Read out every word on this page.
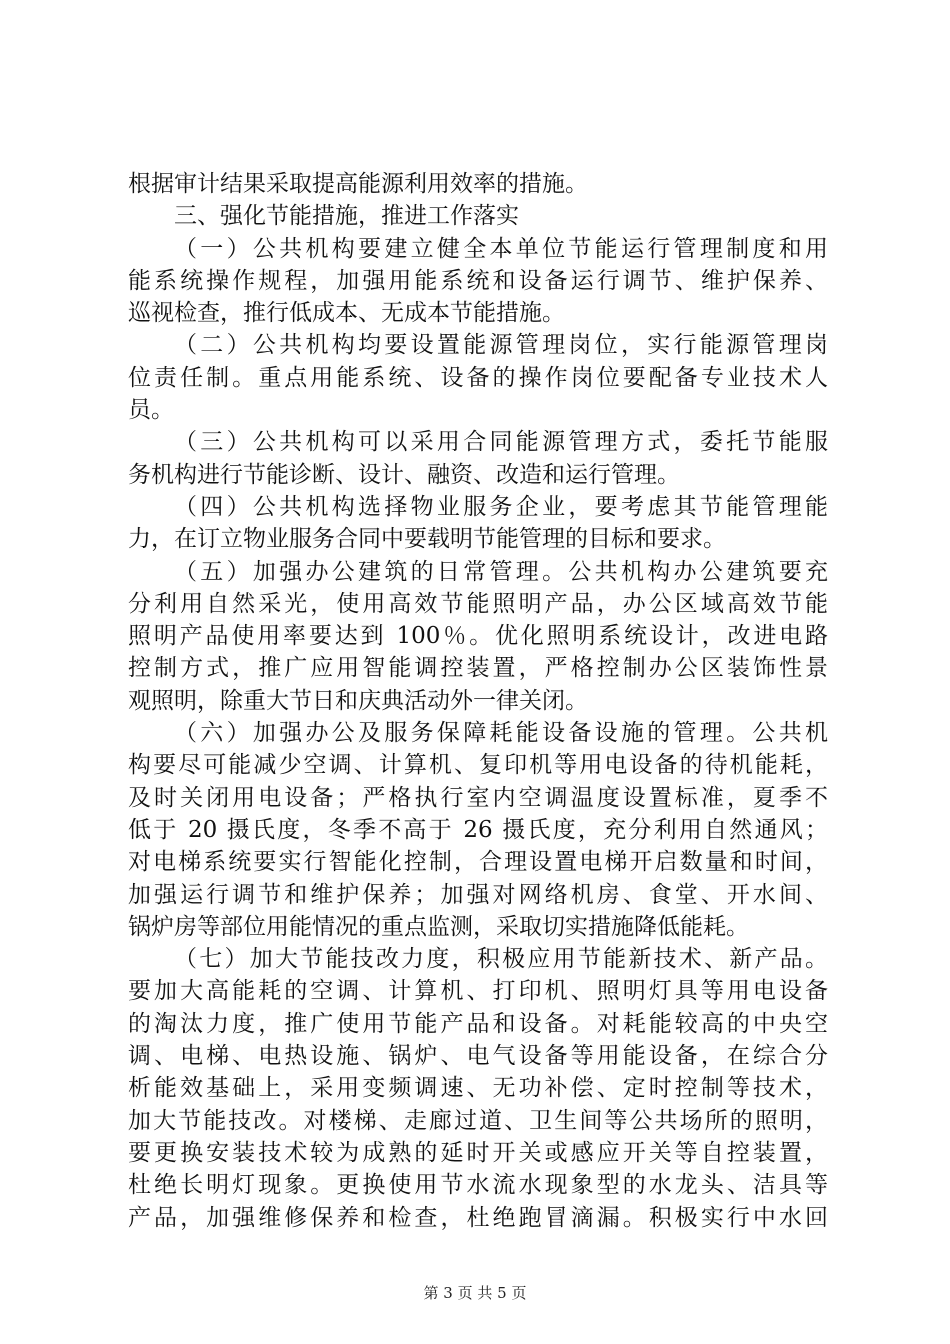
根据审计结果采取提高能源利用效率的措施。
三、强化节能措施，推进工作落实
（一）公共机构要建立健全本单位节能运行管理制度和用
能系统操作规程，加强用能系统和设备运行调节、维护保养、
巡视检查，推行低成本、无成本节能措施。
（二）公共机构均要设置能源管理岗位，实行能源管理岗
位责任制。重点用能系统、设备的操作岗位要配备专业技术人
员。
（三）公共机构可以采用合同能源管理方式，委托节能服
务机构进行节能诊断、设计、融资、改造和运行管理。
（四）公共机构选择物业服务企业，要考虑其节能管理能
力，在订立物业服务合同中要载明节能管理的目标和要求。
（五）加强办公建筑的日常管理。公共机构办公建筑要充
分利用自然采光，使用高效节能照明产品，办公区域高效节能
照明产品使用率要达到 100％。优化照明系统设计，改进电路
控制方式，推广应用智能调控装置，严格控制办公区装饰性景
观照明，除重大节日和庆典活动外一律关闭。
（六）加强办公及服务保障耗能设备设施的管理。公共机
构要尽可能减少空调、计算机、复印机等用电设备的待机能耗，
及时关闭用电设备；严格执行室内空调温度设置标准，夏季不
低于 20 摄氏度，冬季不高于 26 摄氏度，充分利用自然通风；
对电梯系统要实行智能化控制，合理设置电梯开启数量和时间，
加强运行调节和维护保养；加强对网络机房、食堂、开水间、
锅炉房等部位用能情况的重点监测，采取切实措施降低能耗。
（七）加大节能技改力度，积极应用节能新技术、新产品。
要加大高能耗的空调、计算机、打印机、照明灯具等用电设备
的淘汰力度，推广使用节能产品和设备。对耗能较高的中央空
调、电梯、电热设施、锅炉、电气设备等用能设备，在综合分
析能效基础上，采用变频调速、无功补偿、定时控制等技术，
加大节能技改。对楼梯、走廊过道、卫生间等公共场所的照明，
要更换安装技术较为成熟的延时开关或感应开关等自控装置，
杜绝长明灯现象。更换使用节水流水现象型的水龙头、洁具等
产品，加强维修保养和检查，杜绝跑冒滴漏。积极实行中水回
第 3 页 共 5 页
